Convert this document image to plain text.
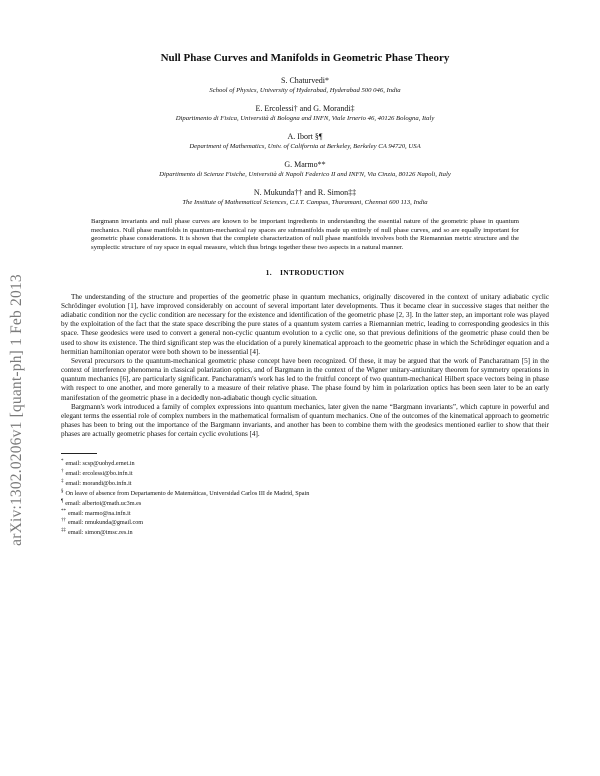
arXiv:1302.0206v1 [quant-ph] 1 Feb 2013
Null Phase Curves and Manifolds in Geometric Phase Theory
S. Chaturvedi*
School of Physics, University of Hyderabad, Hyderabad 500 046, India
E. Ercolessi† and G. Morandi‡
Dipartimento di Fisica, Università di Bologna and INFN, Viale Irnerio 46, 40126 Bologna, Italy
A. Ibort §¶
Department of Mathematics, Univ. of California at Berkeley, Berkeley CA 94720, USA
G. Marmo**
Dipartimento di Scienze Fisiche, Università di Napoli Federico II and INFN, Via Cinzia, 80126 Napoli, Italy
N. Mukunda†† and R. Simon‡‡
The Institute of Mathematical Sciences, C.I.T. Campus, Tharamani, Chennai 600 113, India

Bargmann invariants and null phase curves are known to be important ingredients in understanding the essential nature of the geometric phase in quantum mechanics. Null phase manifolds in quantum-mechanical ray spaces are submanifolds made up entirely of null phase curves, and so are equally important for geometric phase considerations. It is shown that the complete characterization of null phase manifolds involves both the Riemannian metric structure and the symplectic structure of ray space in equal measure, which thus brings together these two aspects in a natural manner.

1. INTRODUCTION

The understanding of the structure and properties of the geometric phase in quantum mechanics, originally discovered in the context of unitary adiabatic cyclic Schrödinger evolution [1], have improved considerably on account of several important later developments. Thus it became clear in successive stages that neither the adiabatic condition nor the cyclic condition are necessary for the existence and identification of the geometric phase [2, 3]. In the latter step, an important role was played by the exploitation of the fact that the state space describing the pure states of a quantum system carries a Riemannian metric, leading to corresponding geodesics in this space. These geodesics were used to convert a general non-cyclic quantum evolution to a cyclic one, so that previous definitions of the geometric phase could then be used to show its existence. The third significant step was the elucidation of a purely kinematical approach to the geometric phase in which the Schrödinger equation and a hermitian hamiltonian operator were both shown to be inessential [4].

Several precursors to the quantum-mechanical geometric phase concept have been recognized. Of these, it may be argued that the work of Pancharatnam [5] in the context of interference phenomena in classical polarization optics, and of Bargmann in the context of the Wigner unitary-antiunitary theorem for symmetry operations in quantum mechanics [6], are particularly significant. Pancharatnam's work has led to the fruitful concept of two quantum-mechanical Hilbert space vectors being in phase with respect to one another, and more generally to a measure of their relative phase. The phase found by him in polarization optics has been seen later to be an early manifestation of the geometric phase in a decidedly non-adiabatic though cyclic situation.

Bargmann's work introduced a family of complex expressions into quantum mechanics, later given the name “Bargmann invariants”, which capture in powerful and elegant terms the essential role of complex numbers in the mathematical formalism of quantum mechanics. One of the outcomes of the kinematical approach to geometric phases has been to bring out the importance of the Bargmann invariants, and another has been to combine them with the geodesics mentioned earlier to show that their phases are actually geometric phases for certain cyclic evolutions [4].

* email: scsp@uohyd.ernet.in
† email: ercolessi@bo.infn.it
‡ email: morandi@bo.infn.it
§ On leave of absence from Departamento de Matemáticas, Universidad Carlos III de Madrid, Spain
¶ email: albertoi@math.uc3m.es
** email: marmo@na.infn.it
†† email: nmukunda@gmail.com
‡‡ email: simon@imsc.res.in
